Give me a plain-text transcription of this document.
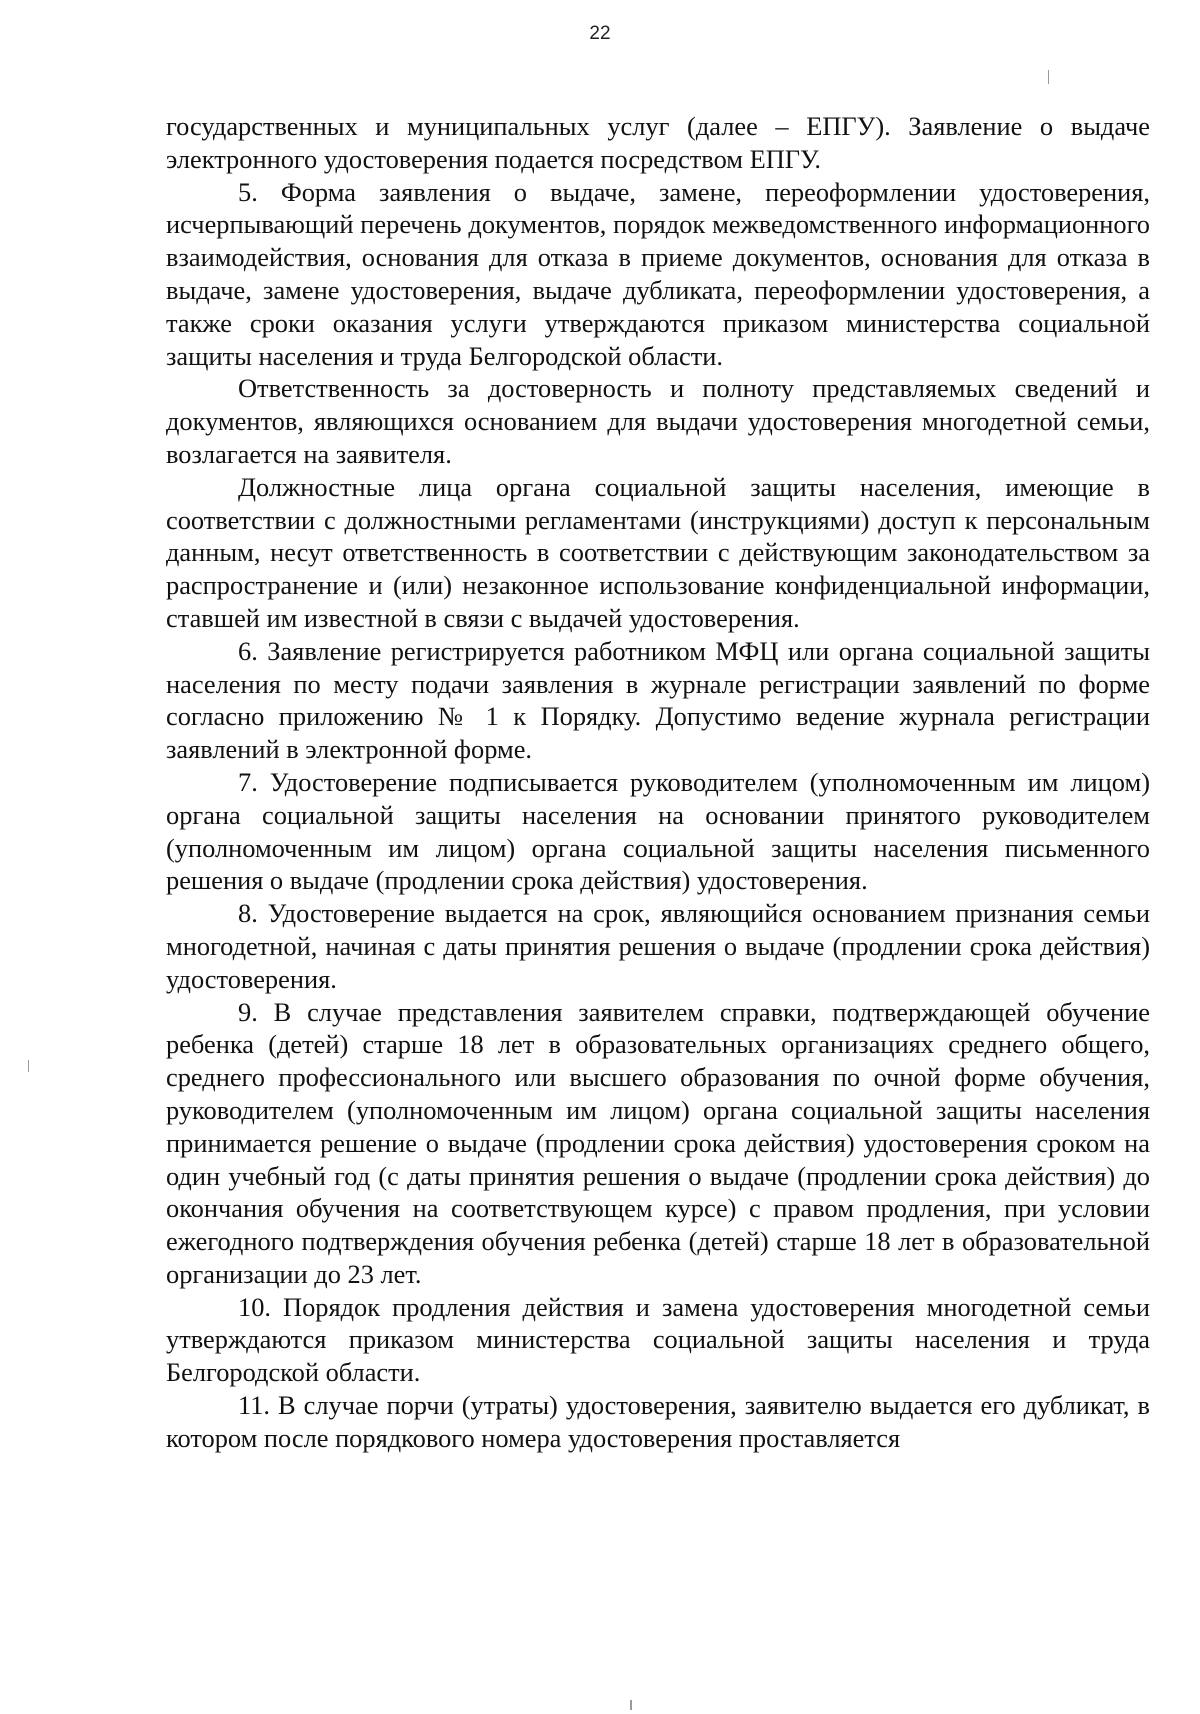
22

государственных и муниципальных услуг (далее – ЕПГУ). Заявление о выдаче электронного удостоверения подается посредством ЕПГУ.

5. Форма заявления о выдаче, замене, переоформлении удостоверения, исчерпывающий перечень документов, порядок межведомственного информационного взаимодействия, основания для отказа в приеме документов, основания для отказа в выдаче, замене удостоверения, выдаче дубликата, переоформлении удостоверения, а также сроки оказания услуги утверждаются приказом министерства социальной защиты населения и труда Белгородской области.

Ответственность за достоверность и полноту представляемых сведений и документов, являющихся основанием для выдачи удостоверения многодетной семьи, возлагается на заявителя.

Должностные лица органа социальной защиты населения, имеющие в соответствии с должностными регламентами (инструкциями) доступ к персональным данным, несут ответственность в соответствии с действующим законодательством за распространение и (или) незаконное использование конфиденциальной информации, ставшей им известной в связи с выдачей удостоверения.

6. Заявление регистрируется работником МФЦ или органа социальной защиты населения по месту подачи заявления в журнале регистрации заявлений по форме согласно приложению № 1 к Порядку. Допустимо ведение журнала регистрации заявлений в электронной форме.

7. Удостоверение подписывается руководителем (уполномоченным им лицом) органа социальной защиты населения на основании принятого руководителем (уполномоченным им лицом) органа социальной защиты населения письменного решения о выдаче (продлении срока действия) удостоверения.

8. Удостоверение выдается на срок, являющийся основанием признания семьи многодетной, начиная с даты принятия решения о выдаче (продлении срока действия) удостоверения.

9. В случае представления заявителем справки, подтверждающей обучение ребенка (детей) старше 18 лет в образовательных организациях среднего общего, среднего профессионального или высшего образования по очной форме обучения, руководителем (уполномоченным им лицом) органа социальной защиты населения принимается решение о выдаче (продлении срока действия) удостоверения сроком на один учебный год (с даты принятия решения о выдаче (продлении срока действия) до окончания обучения на соответствующем курсе) с правом продления, при условии ежегодного подтверждения обучения ребенка (детей) старше 18 лет в образовательной организации до 23 лет.

10. Порядок продления действия и замена удостоверения многодетной семьи утверждаются приказом министерства социальной защиты населения и труда Белгородской области.

11. В случае порчи (утраты) удостоверения, заявителю выдается его дубликат, в котором после порядкового номера удостоверения проставляется
